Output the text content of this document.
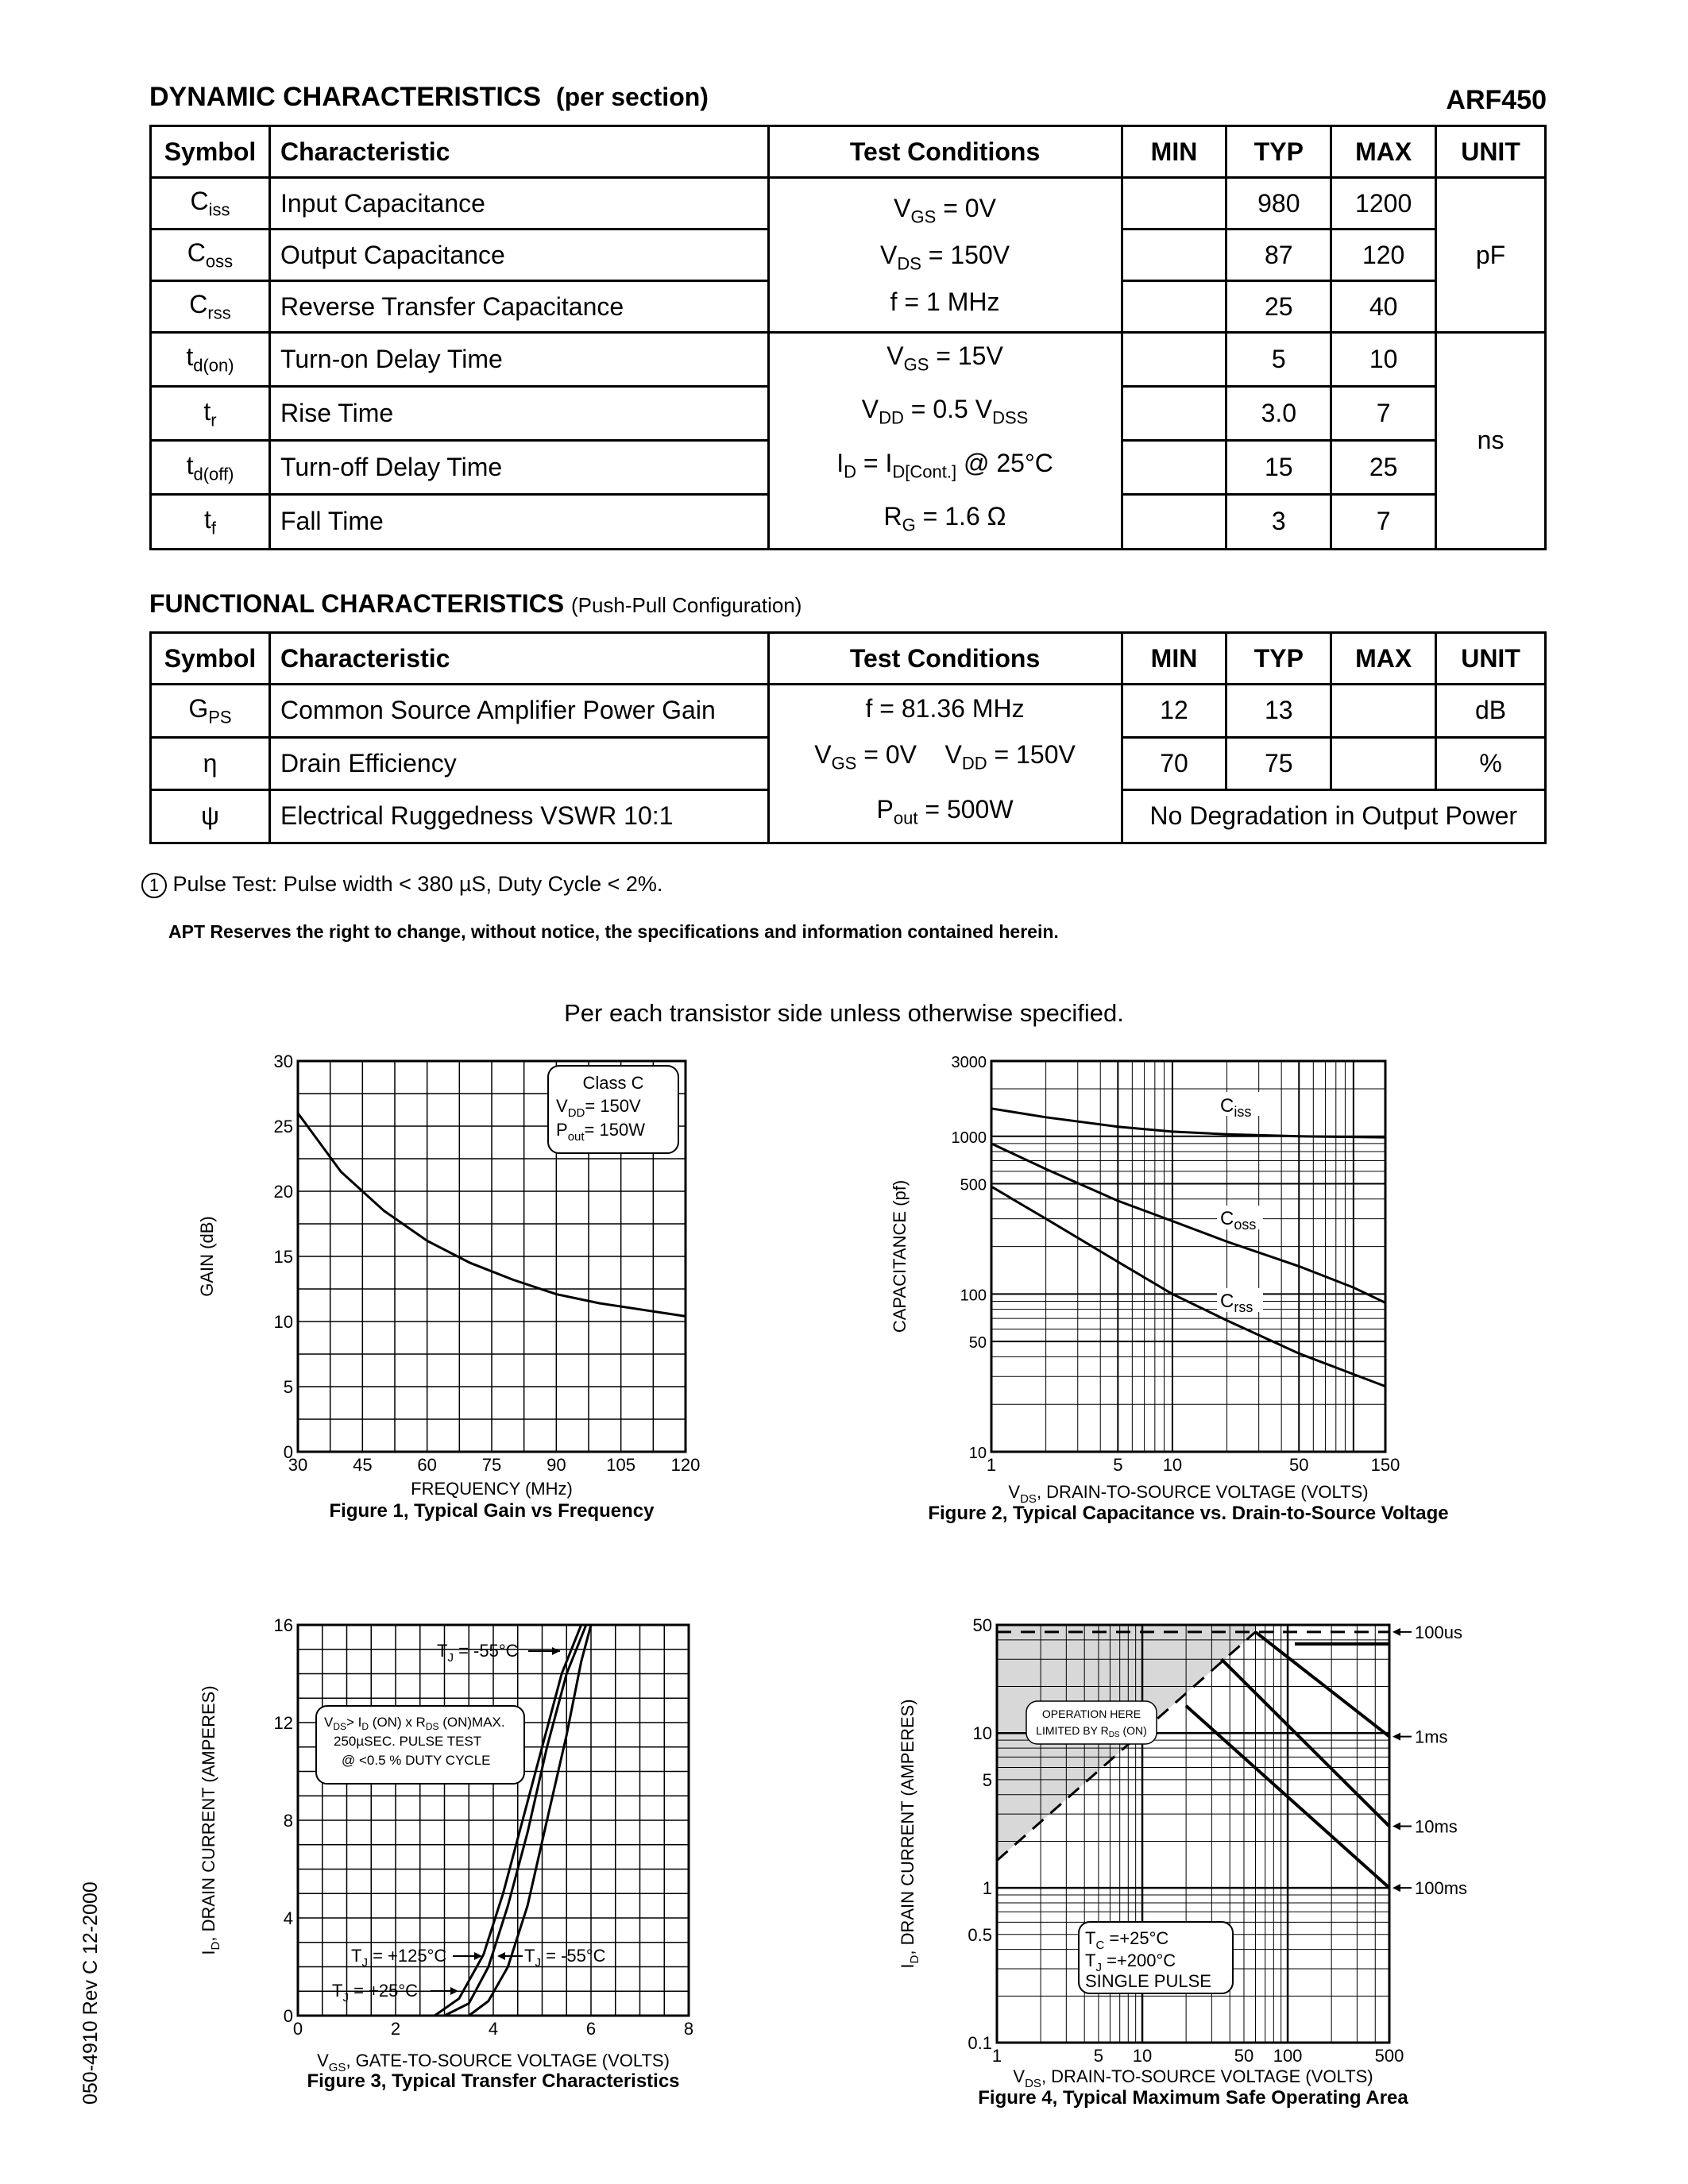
DYNAMIC CHARACTERISTICS (per section)	ARF450
Symbol	Characteristic	Test Conditions	MIN	TYP	MAX	UNIT
$C_{iss}$	Input Capacitance	$V_{GS} = 0V$
$V_{DS} = 150V$
f = 1 MHz		980	1200	pF
$C_{oss}$	Output Capacitance			87	120	
$C_{rss}$	Reverse Transfer Capacitance			25	40	
$t_{d(on)}$	Turn-on Delay Time	$V_{GS} = 15V$
$V_{DD} = 0.5$ $V_{DSS}$
$I_D = I_{D[Cont.]}$ @ 25°C
$R_G = 1.6$ Ω		5	10	ns
$t_r$	Rise Time			3.0	7	
$t_{d(off)}$	Turn-off Delay Time			15	25	
$t_f$	Fall Time			3	7	
FUNCTIONAL CHARACTERISTICS (Push-Pull Configuration)
Symbol	Characteristic	Test Conditions	MIN	TYP	MAX	UNIT
$G_{PS}$	Common Source Amplifier Power Gain	f = 81.36 MHz
$V_{GS} = 0V$ $V_{DD} = 150V$
$P_{out} = 500W$	12	13		dB
η	Drain Efficiency		70	75		%
ψ	Electrical Ruggedness VSWR 10:1		No Degradation in Output Power			
1 Pulse Test: Pulse width < 380 µS, Duty Cycle < 2%.
APT Reserves the right to change, without notice, the specifications and information contained herein.
Per each transistor side unless otherwise specified.
050-4910 Rev C 12-2000
30	45	60	75	90 105 120
0
5
10
15
20
25
30
Class C
$V_{DD}= 150V$
$P_{out}= 150W$
FREQUENCY (MHz)
GAIN (dB)
Figure 1, Typical Gain vs Frequency
1	5 10	50	150
10
50
100
500
1000
3000
$C_{iss}$
$C_{oss}$
$C_{rss}$
$V_{DS}$, DRAIN-TO-SOURCE VOLTAGE (VOLTS)
CAPACITANCE (pf)
Figure 2, Typical Capacitance vs. Drain-to-Source Voltage
0	2	4	6	8
0
4
8
12
16
$V_{DS}> I_D$ (ON) x $R_{DS}$ (ON)MAX.
250µSEC. PULSE TEST
@ <0.5 % DUTY CYCLE
$T_J = -55^\circ C$
$T_J = +125^\circ C$	$T_J = -55^\circ C$
$T_J = +25^\circ C$
$V_{GS}$, GATE-TO-SOURCE VOLTAGE (VOLTS)
$I_D$, DRAIN CURRENT (AMPERES)
Figure 3, Typical Transfer Characteristics
1	5 10	50 100	500
0.1
0.5
1
5
10
50
OPERATION HERE
LIMITED BY $R_{DS}$ (ON)
$T_C =+25^\circ C$
$T_J =+200^\circ C$
SINGLE PULSE
100us
1ms
10ms
100ms
$V_{DS}$, DRAIN-TO-SOURCE VOLTAGE (VOLTS)
$I_D$, DRAIN CURRENT (AMPERES)
Figure 4, Typical Maximum Safe Operating Area
